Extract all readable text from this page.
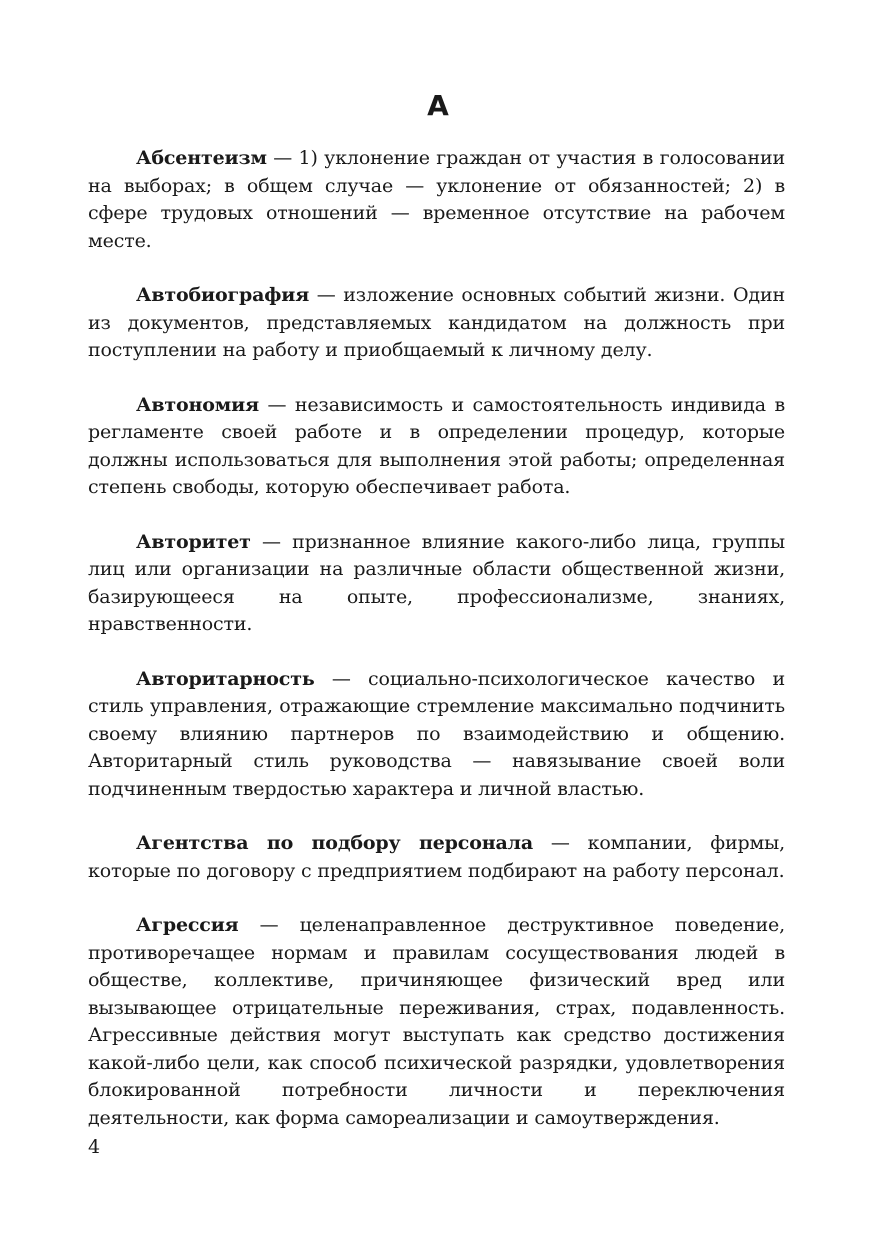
А

Абсентеизм — 1) уклонение граждан от участия в голосовании на выборах; в общем случае — уклонение от обязанностей; 2) в сфере трудовых отношений — временное отсутствие на рабочем месте.

Автобиография — изложение основных событий жизни. Один из документов, представляемых кандидатом на должность при поступлении на работу и приобщаемый к личному делу.

Автономия — независимость и самостоятельность индивида в регламенте своей работе и в определении процедур, которые должны использоваться для выполнения этой работы; определенная степень свободы, которую обеспечивает работа.

Авторитет — признанное влияние какого-либо лица, группы лиц или организации на различные области общественной жизни, базирующееся на опыте, профессионализме, знаниях, нравственности.

Авторитарность — социально-психологическое качество и стиль управления, отражающие стремление максимально подчинить своему влиянию партнеров по взаимодействию и общению. Авторитарный стиль руководства — навязывание своей воли подчиненным твердостью характера и личной властью.

Агентства по подбору персонала — компании, фирмы, которые по договору с предприятием подбирают на работу персонал.

Агрессия — целенаправленное деструктивное поведение, противоречащее нормам и правилам сосуществования людей в обществе, коллективе, причиняющее физический вред или вызывающее отрицательные переживания, страх, подавленность. Агрессивные действия могут выступать как средство достижения какой-либо цели, как способ психической разрядки, удовлетворения блокированной потребности личности и переключения деятельности, как форма самореализации и самоутверждения.

4
